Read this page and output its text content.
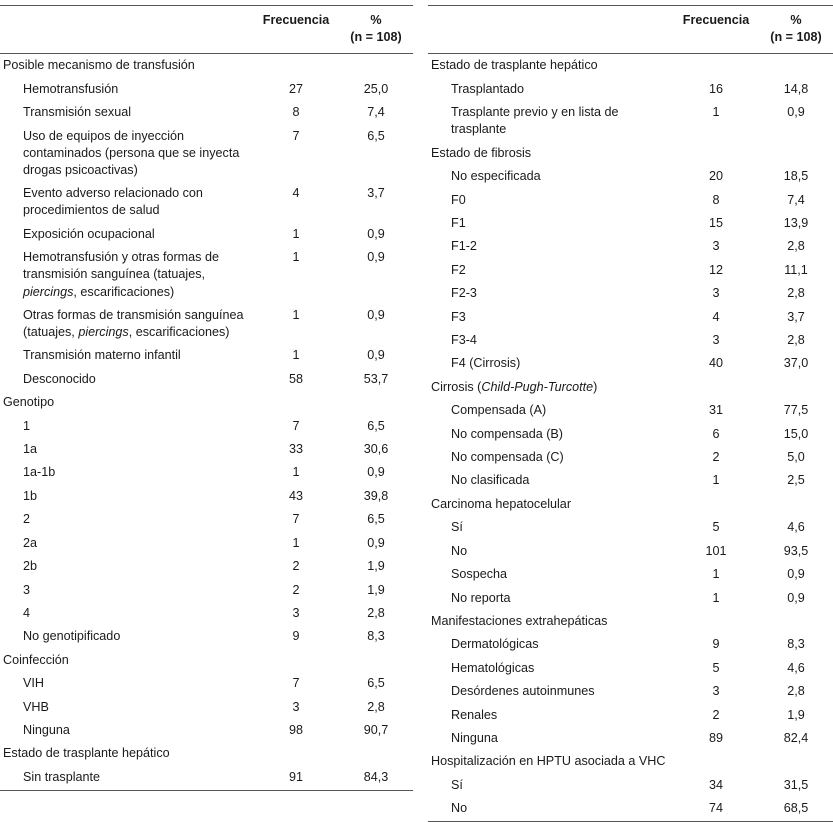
	Frecuencia	%
(n = 108)

Posible mecanismo de transfusión		
Hemotransfusión	27	25,0
Transmisión sexual	8	7,4
Uso de equipos de inyección contaminados (persona que se inyecta drogas psicoactivas)	7	6,5
Evento adverso relacionado con procedimientos de salud	4	3,7
Exposición ocupacional	1	0,9
Hemotransfusión y otras formas de transmisión sanguínea (tatuajes, piercings, escarificaciones)	1	0,9
Otras formas de transmisión sanguínea (tatuajes, piercings, escarificaciones)	1	0,9
Transmisión materno infantil	1	0,9
Desconocido	58	53,7
Genotipo		
1	7	6,5
1a	33	30,6
1a-1b	1	0,9
1b	43	39,8
2	7	6,5
2a	1	0,9
2b	2	1,9
3	2	1,9
4	3	2,8
No genotipificado	9	8,3
Coinfección		
VIH	7	6,5
VHB	3	2,8
Ninguna	98	90,7
Estado de trasplante hepático		
Sin trasplante	91	84,3

	Frecuencia	%
(n = 108)

Estado de trasplante hepático		
Trasplantado	16	14,8
Trasplante previo y en lista de trasplante	1	0,9
Estado de fibrosis		
No especificada	20	18,5
F0	8	7,4
F1	15	13,9
F1-2	3	2,8
F2	12	11,1
F2-3	3	2,8
F3	4	3,7
F3-4	3	2,8
F4 (Cirrosis)	40	37,0
Cirrosis (Child-Pugh-Turcotte)		
Compensada (A)	31	77,5
No compensada (B)	6	15,0
No compensada (C)	2	5,0
No clasificada	1	2,5
Carcinoma hepatocelular		
Sí	5	4,6
No	101	93,5
Sospecha	1	0,9
No reporta	1	0,9
Manifestaciones extrahepáticas		
Dermatológicas	9	8,3
Hematológicas	5	4,6
Desórdenes autoinmunes	3	2,8
Renales	2	1,9
Ninguna	89	82,4
Hospitalización en HPTU asociada a VHC		
Sí	34	31,5
No	74	68,5
